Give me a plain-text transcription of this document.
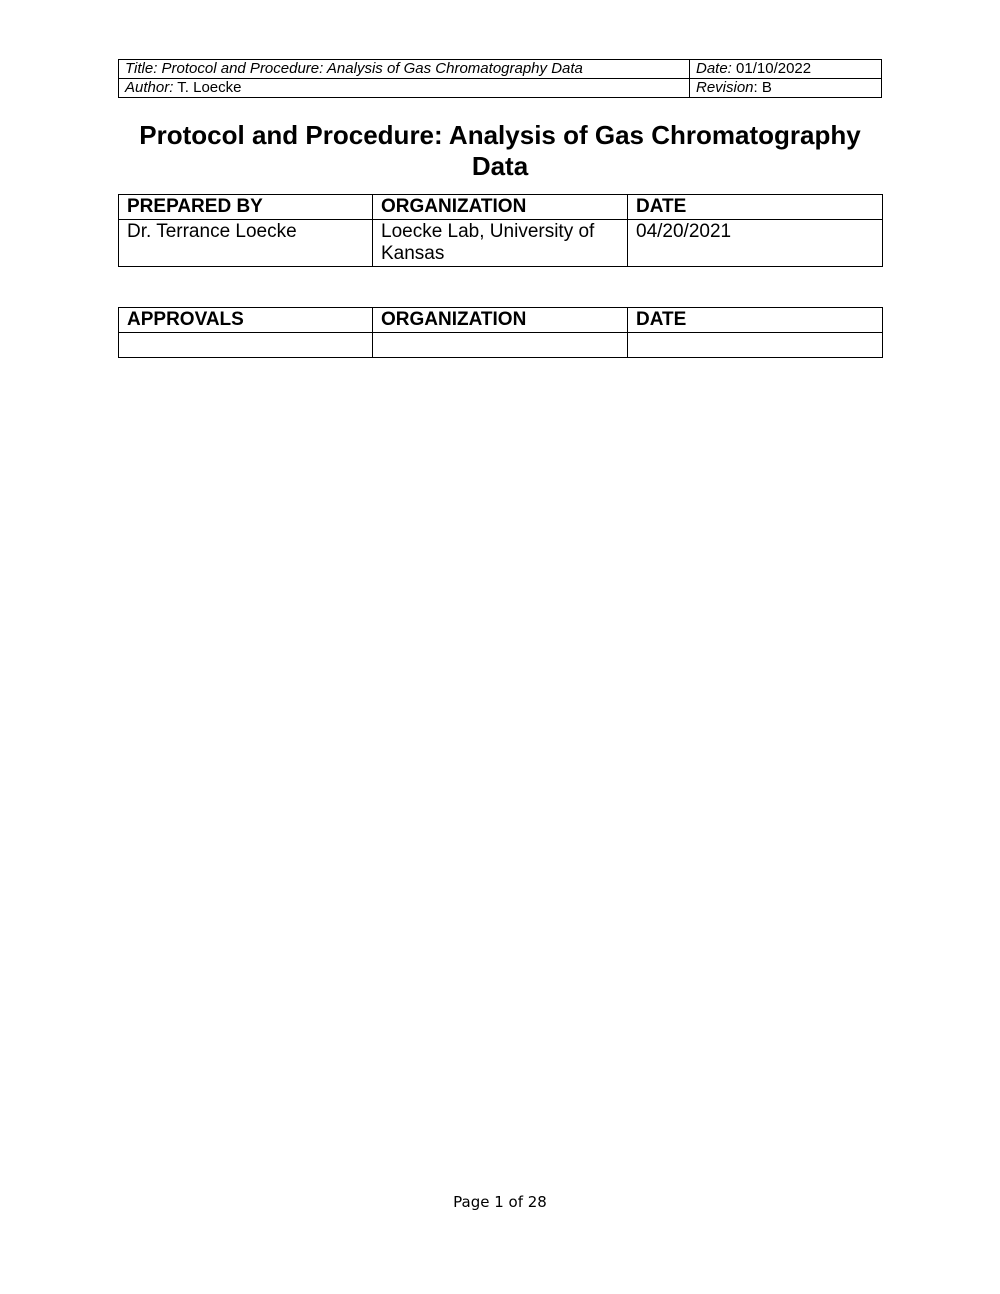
Title: Protocol and Procedure: Analysis of Gas Chromatography Data	Date: 01/10/2022
Author: T. Loecke	Revision: B
Protocol and Procedure: Analysis of Gas Chromatography Data
PREPARED BY	ORGANIZATION	DATE
Dr. Terrance Loecke	Loecke Lab, University of Kansas	04/20/2021
APPROVALS	ORGANIZATION	DATE

Page 1 of 28
